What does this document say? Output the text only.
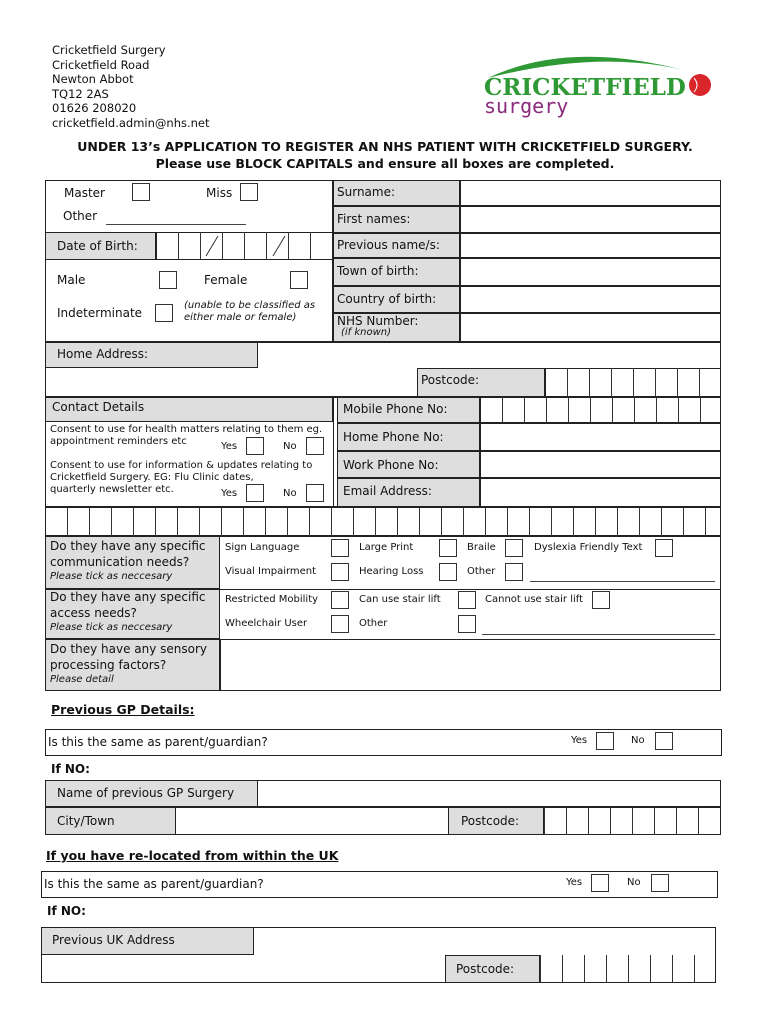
Cricketfield Surgery
Cricketfield Road
Newton Abbot
TQ12 2AS
01626 208020
cricketfield.admin@nhs.net
CRICKETFIELD
surgery
UNDER 13’s APPLICATION TO REGISTER AN NHS PATIENT WITH CRICKETFIELD SURGERY.
Please use BLOCK CAPITALS and ensure all boxes are completed.
Master	Miss
Other
Date of Birth:
Male	Female
Indeterminate
(unable to be classified as
either male or female)
Surname:
First names:
Previous name/s:
Town of birth:
Country of birth:
NHS Number:
(if known)
Home Address:
Postcode:
Contact Details
Consent to use for health matters relating to them eg.
appointment reminders etc	Yes	No
Consent to use for information & updates relating to
Cricketfield Surgery. EG: Flu Clinic dates,
quarterly newsletter etc.	Yes	No
Mobile Phone No:
Home Phone No:
Work Phone No:
Email Address:
Do they have any specific
communication needs?
Please tick as neccesary
Sign Language	Large Print	Braile	Dyslexia Friendly Text
Visual Impairment	Hearing Loss	Other
Do they have any specific
access needs?
Please tick as neccesary
Restricted Mobility	Can use stair lift	Cannot use stair lift
Wheelchair User	Other
Do they have any sensory
processing factors?
Please detail
Previous GP Details:
Is this the same as parent/guardian?	Yes	No
If NO:
Name of previous GP Surgery
City/Town	Postcode:
If you have re-located from within the UK
Is this the same as parent/guardian?	Yes	No
If NO:
Previous UK Address
Postcode:
